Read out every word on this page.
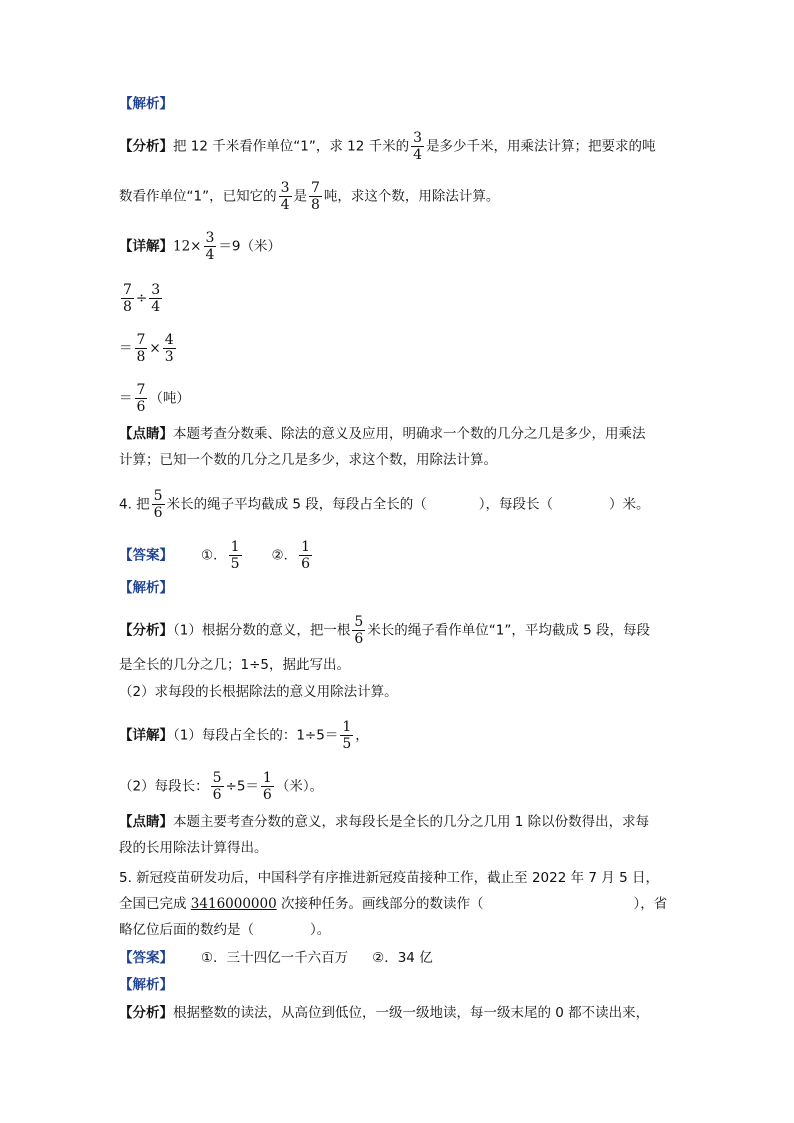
【解析】
【分析】把 12 千米看作单位“1”，求 12 千米的 $\frac{3}{4}$ 是多少千米，用乘法计算；把要求的吨
数看作单位“1”，已知它的 $\frac{3}{4}$ 是 $\frac{7}{8}$ 吨，求这个数，用除法计算。
【详解】$12\times \frac{3}{4} =9$（米）
$\frac{7}{8} \div \frac{3}{4}$
＝ $\frac{7}{8} \times \frac{4}{3}$
＝ $\frac{7}{6}$ （吨）
【点睛】本题考查分数乘、除法的意义及应用，明确求一个数的几分之几是多少，用乘法
计算；已知一个数的几分之几是多少，求这个数，用除法计算。
4. 把 $\frac{5}{6}$ 米长的绳子平均截成 5 段，每段占全长的（	），每段长（	）米。
【答案】 ①． $\frac{1}{5}$ ②． $\frac{1}{6}$
【解析】
【分析】（1）根据分数的意义，把一根 $\frac{5}{6}$ 米长的绳子看作单位“1”，平均截成 5 段，每段
是全长的几分之几；1÷5，据此写出。
（2）求每段的长根据除法的意义用除法计算。
【详解】（1）每段占全长的：$1\div 5= \frac{1}{5}$ ，
（2）每段长： $\frac{5}{6} \div 5= \frac{1}{6}$ （米）。
【点睛】本题主要考查分数的意义，求每段长是全长的几分之几用 1 除以份数得出，求每
段的长用除法计算得出。
5. 新冠疫苗研发功后，中国科学有序推进新冠疫苗接种工作，截止至 2022 年 7 月 5 日，
全国已完成 3416000000 次接种任务。画线部分的数读作（	），省
略亿位后面的数约是（	）。
【答案】 ①．三十四亿一千六百万 ②．34 亿
【解析】
【分析】根据整数的读法，从高位到低位，一级一级地读，每一级末尾的 0 都不读出来，
